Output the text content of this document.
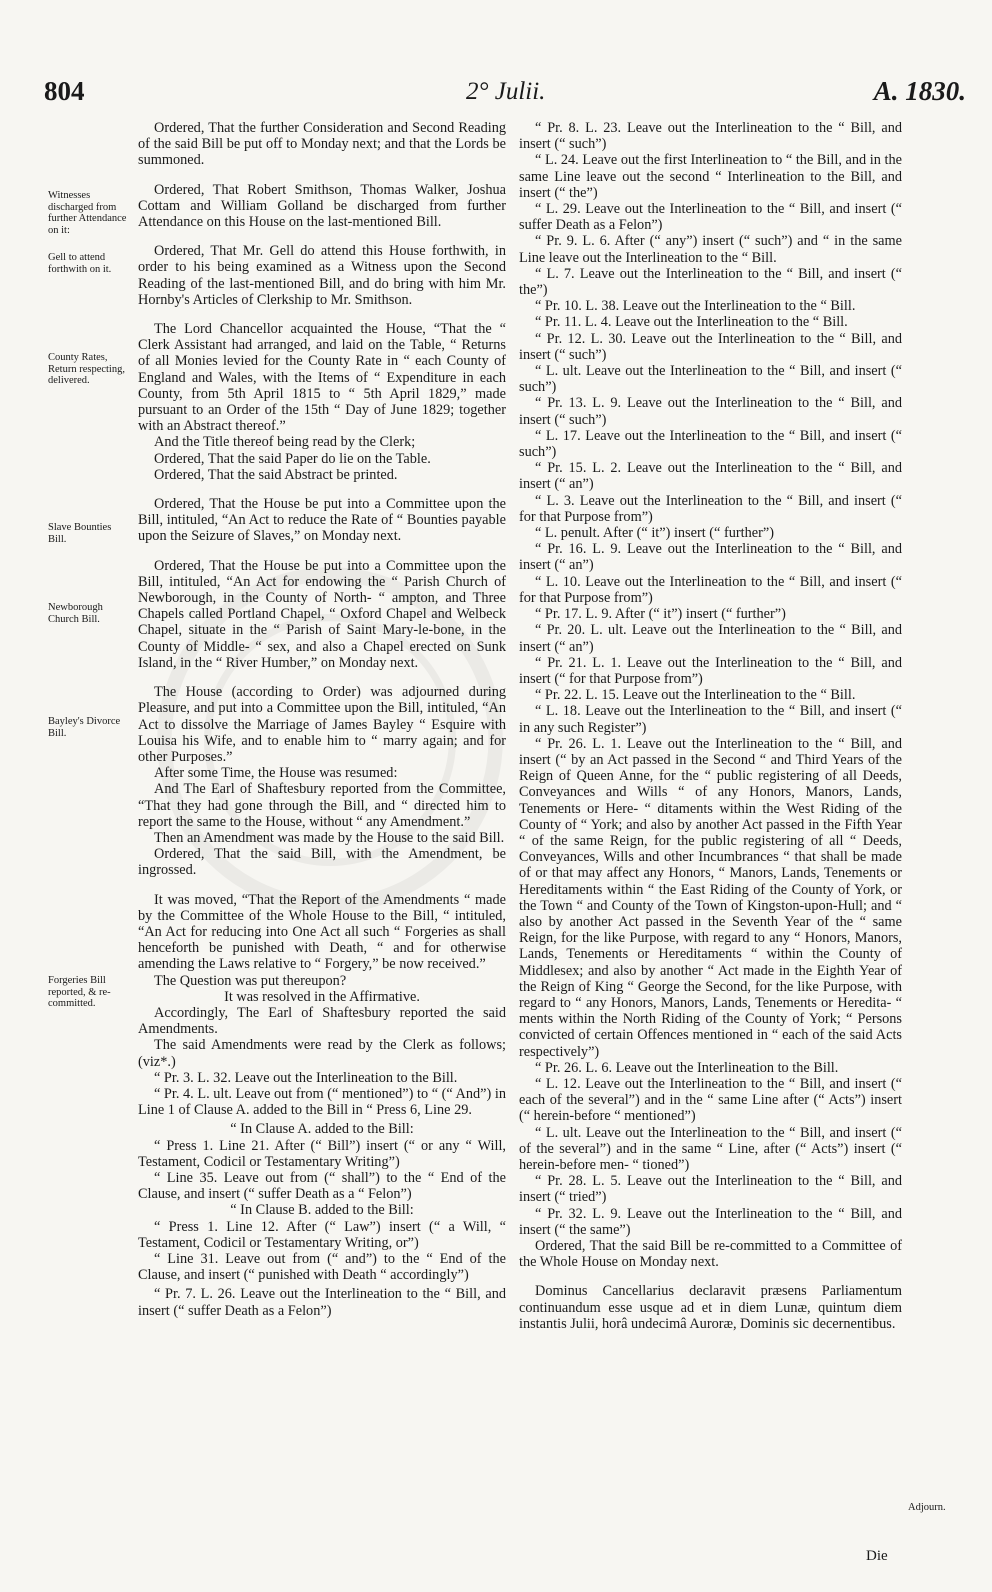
804	2° Julii.	A. 1830.
Witnesses discharged from further Attendance on it:
Gell to attend forthwith on it.
County Rates, Return respecting, delivered.
Slave Bounties Bill.
Newborough Church Bill.
Bayley's Divorce Bill.
Forgeries Bill reported, & re-committed.
Adjourn.

Ordered, That the further Consideration and Second Reading of the said Bill be put off to Monday next; and that the Lords be summoned.

Ordered, That Robert Smithson, Thomas Walker, Joshua Cottam and William Golland be discharged from further Attendance on this House on the last-mentioned Bill.

Ordered, That Mr. Gell do attend this House forthwith, in order to his being examined as a Witness upon the Second Reading of the last-mentioned Bill, and do bring with him Mr. Hornby's Articles of Clerkship to Mr. Smithson.

The Lord Chancellor acquainted the House, “That the “ Clerk Assistant had arranged, and laid on the Table, “ Returns of all Monies levied for the County Rate in “ each County of England and Wales, with the Items of “ Expenditure in each County, from 5th April 1815 to “ 5th April 1829,” made pursuant to an Order of the 15th “ Day of June 1829; together with an Abstract thereof.”

And the Title thereof being read by the Clerk;

Ordered, That the said Paper do lie on the Table.

Ordered, That the said Abstract be printed.

Ordered, That the House be put into a Committee upon the Bill, intituled, “An Act to reduce the Rate of “ Bounties payable upon the Seizure of Slaves,” on Monday next.

Ordered, That the House be put into a Committee upon the Bill, intituled, “An Act for endowing the “ Parish Church of Newborough, in the County of North- “ ampton, and Three Chapels called Portland Chapel, “ Oxford Chapel and Welbeck Chapel, situate in the “ Parish of Saint Mary-le-bone, in the County of Middle- “ sex, and also a Chapel erected on Sunk Island, in the “ River Humber,” on Monday next.

The House (according to Order) was adjourned during Pleasure, and put into a Committee upon the Bill, intituled, “An Act to dissolve the Marriage of James Bayley “ Esquire with Louisa his Wife, and to enable him to “ marry again; and for other Purposes.”

After some Time, the House was resumed:

And The Earl of Shaftesbury reported from the Committee, “That they had gone through the Bill, and “ directed him to report the same to the House, without “ any Amendment.”

Then an Amendment was made by the House to the said Bill.

Ordered, That the said Bill, with the Amendment, be ingrossed.

It was moved, “That the Report of the Amendments “ made by the Committee of the Whole House to the Bill, “ intituled, “An Act for reducing into One Act all such “ Forgeries as shall henceforth be punished with Death, “ and for otherwise amending the Laws relative to “ Forgery,” be now received.”

The Question was put thereupon?

It was resolved in the Affirmative.

Accordingly, The Earl of Shaftesbury reported the said Amendments.

The said Amendments were read by the Clerk as follows; (viz*.)

“ Pr. 3. L. 32. Leave out the Interlineation to the Bill.

“ Pr. 4. L. ult. Leave out from (“ mentioned”) to “ (“ And”) in Line 1 of Clause A. added to the Bill in “ Press 6, Line 29.

“ In Clause A. added to the Bill:

“ Press 1. Line 21. After (“ Bill”) insert (“ or any “ Will, Testament, Codicil or Testamentary Writing”)

“ Line 35. Leave out from (“ shall”) to the “ End of the Clause, and insert (“ suffer Death as a “ Felon”)

“ In Clause B. added to the Bill:

“ Press 1. Line 12. After (“ Law”) insert (“ a Will, “ Testament, Codicil or Testamentary Writing, or”)

“ Line 31. Leave out from (“ and”) to the “ End of the Clause, and insert (“ punished with Death “ accordingly”)

“ Pr. 7. L. 26. Leave out the Interlineation to the “ Bill, and insert (“ suffer Death as a Felon”)

“ Pr. 8. L. 23. Leave out the Interlineation to the “ Bill, and insert (“ such”)

“ L. 24. Leave out the first Interlineation to “ the Bill, and in the same Line leave out the second “ Interlineation to the Bill, and insert (“ the”)

“ L. 29. Leave out the Interlineation to the “ Bill, and insert (“ suffer Death as a Felon”)

“ Pr. 9. L. 6. After (“ any”) insert (“ such”) and “ in the same Line leave out the Interlineation to the “ Bill.

“ L. 7. Leave out the Interlineation to the “ Bill, and insert (“ the”)

“ Pr. 10. L. 38. Leave out the Interlineation to the “ Bill.

“ Pr. 11. L. 4. Leave out the Interlineation to the “ Bill.

“ Pr. 12. L. 30. Leave out the Interlineation to the “ Bill, and insert (“ such”)

“ L. ult. Leave out the Interlineation to the “ Bill, and insert (“ such”)

“ Pr. 13. L. 9. Leave out the Interlineation to the “ Bill, and insert (“ such”)

“ L. 17. Leave out the Interlineation to the “ Bill, and insert (“ such”)

“ Pr. 15. L. 2. Leave out the Interlineation to the “ Bill, and insert (“ an”)

“ L. 3. Leave out the Interlineation to the “ Bill, and insert (“ for that Purpose from”)

“ L. penult. After (“ it”) insert (“ further”)

“ Pr. 16. L. 9. Leave out the Interlineation to the “ Bill, and insert (“ an”)

“ L. 10. Leave out the Interlineation to the “ Bill, and insert (“ for that Purpose from”)

“ Pr. 17. L. 9. After (“ it”) insert (“ further”)

“ Pr. 20. L. ult. Leave out the Interlineation to the “ Bill, and insert (“ an”)

“ Pr. 21. L. 1. Leave out the Interlineation to the “ Bill, and insert (“ for that Purpose from”)

“ Pr. 22. L. 15. Leave out the Interlineation to the “ Bill.

“ L. 18. Leave out the Interlineation to the “ Bill, and insert (“ in any such Register”)

“ Pr. 26. L. 1. Leave out the Interlineation to the “ Bill, and insert (“ by an Act passed in the Second “ and Third Years of the Reign of Queen Anne, for the “ public registering of all Deeds, Conveyances and Wills “ of any Honors, Manors, Lands, Tenements or Here- “ ditaments within the West Riding of the County of “ York; and also by another Act passed in the Fifth Year “ of the same Reign, for the public registering of all “ Deeds, Conveyances, Wills and other Incumbrances “ that shall be made of or that may affect any Honors, “ Manors, Lands, Tenements or Hereditaments within “ the East Riding of the County of York, or the Town “ and County of the Town of Kingston-upon-Hull; and “ also by another Act passed in the Seventh Year of the “ same Reign, for the like Purpose, with regard to any “ Honors, Manors, Lands, Tenements or Hereditaments “ within the County of Middlesex; and also by another “ Act made in the Eighth Year of the Reign of King “ George the Second, for the like Purpose, with regard to “ any Honors, Manors, Lands, Tenements or Heredita- “ ments within the North Riding of the County of York; “ Persons convicted of certain Offences mentioned in “ each of the said Acts respectively”)

“ Pr. 26. L. 6. Leave out the Interlineation to the Bill.

“ L. 12. Leave out the Interlineation to the “ Bill, and insert (“ each of the several”) and in the “ same Line after (“ Acts”) insert (“ herein-before “ mentioned”)

“ L. ult. Leave out the Interlineation to the “ Bill, and insert (“ of the several”) and in the same “ Line, after (“ Acts”) insert (“ herein-before men- “ tioned”)

“ Pr. 28. L. 5. Leave out the Interlineation to the “ Bill, and insert (“ tried”)

“ Pr. 32. L. 9. Leave out the Interlineation to the “ Bill, and insert (“ the same”)

Ordered, That the said Bill be re-committed to a Committee of the Whole House on Monday next.

Dominus Cancellarius declaravit præsens Parliamentum continuandum esse usque ad et in diem Lunæ, quintum diem instantis Julii, horâ undecimâ Auroræ, Dominis sic decernentibus.

Die
